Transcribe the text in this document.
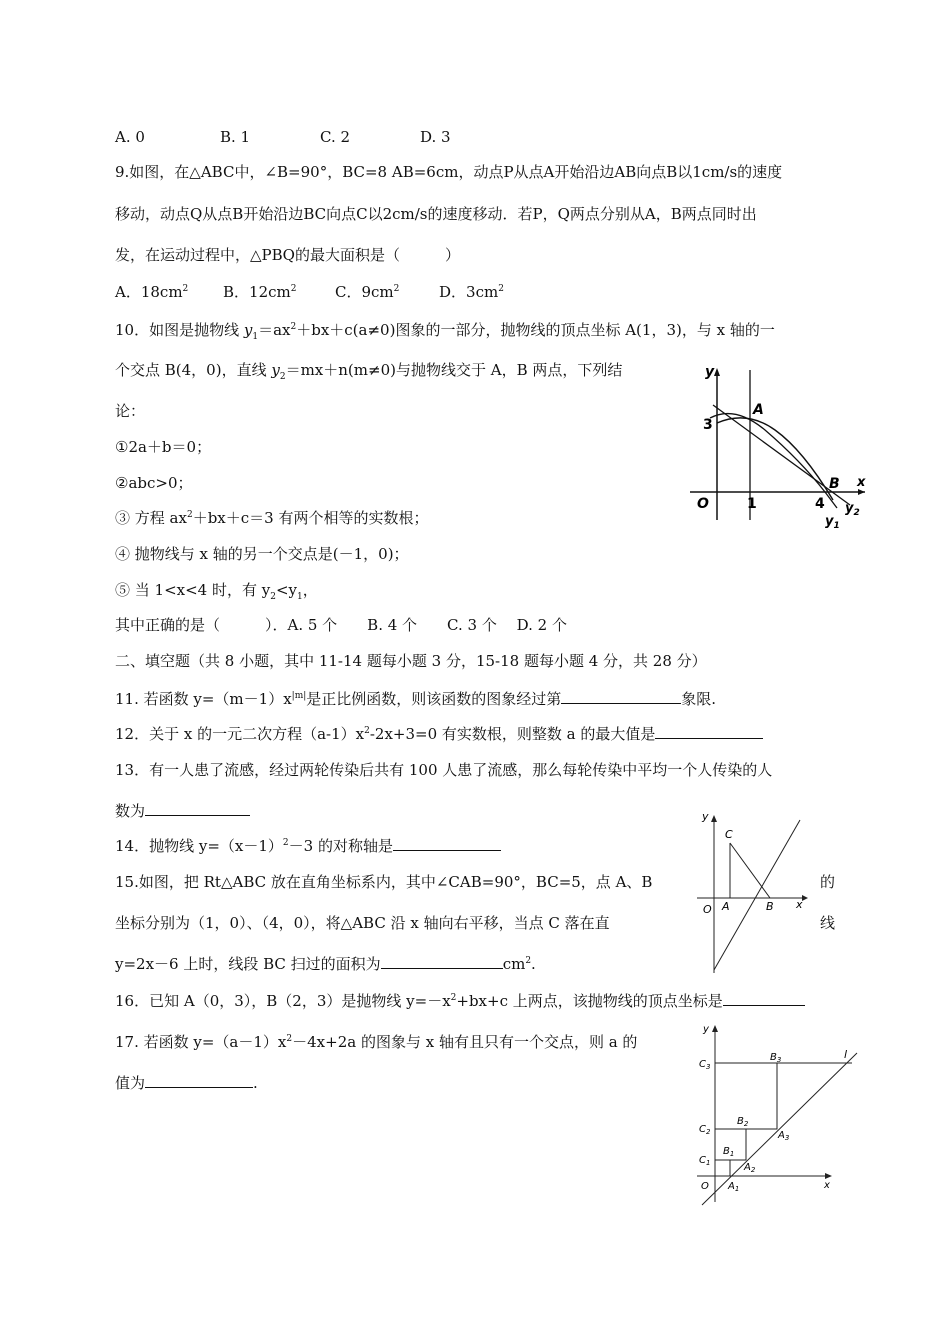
A. 0	B. 1	C. 2	D. 3
9.如图，在△ABC中，∠B=90°，BC=8 AB=6cm，动点P从点A开始沿边AB向点B以1cm/s的速度
移动，动点Q从点B开始沿边BC向点C以2cm/s的速度移动．若P，Q两点分别从A，B两点同时出
发，在运动过程中，△PBQ的最大面积是（　　　）
A．$18cm^2$ B．$12cm^2$	C．$9cm^2$	D．$3cm^2$
10．如图是抛物线 $y_1=ax^2+bx+c(a\ne 0)$图象的一部分，抛物线的顶点坐标 A(1，3)，与 x 轴的一
个交点 B(4，0)，直线 $y_2=mx+n(m\ne 0)$与抛物线交于 A，B 两点，下列结
论：
①2a＋b＝0；
②abc>0；
③ 方程 $ax^2+bx+c=3$ 有两个相等的实数根；
④ 抛物线与 x 轴的另一个交点是(－1，0)；
⑤ 当 1<x<4 时，有 $y_2<y_1$，
其中正确的是（　　　）．A. 5 个　　B. 4 个　　C. 3 个　 D. 2 个
y
x
O
3
A
1	4
B
$y_2$
$y_1$
二、填空题（共 8 小题，其中 11-14 题每小题 3 分，15-18 题每小题 4 分，共 28 分）
11. 若函数 $y=(m-1)x^{|m|}$是正比例函数，则该函数的图象经过第	象限.
12．关于 x 的一元二次方程$(a-1)x^2-2x+3=0$ 有实数根，则整数 a 的最大值是
13．有一人患了流感，经过两轮传染后共有 100 人患了流感，那么每轮传染中平均一个人传染的人
数为
14．抛物线 $y=(x-1)^2-3$ 的对称轴是
15.如图，把 Rt△ABC 放在直角坐标系内，其中∠CAB=90°，BC=5，点 A、B	的
坐标分别为（1，0）、（4，0），将△ABC 沿 x 轴向右平移，当点 C 落在直	线
y=2x－6 上时，线段 BC 扫过的面积为	$cm^2$.
y
C
O A	B x
16．已知 A（0，3），B（2，3）是抛物线 $y=-x^2+bx+c$ 上两点，该抛物线的顶点坐标是
17. 若函数 $y=(a-1)x^2-4x+2a$ 的图象与 x 轴有且只有一个交点，则 a 的
值为	.
y
l
$C_3$
$B_3$
$C_2$
$B_2$
$A_3$
$C_1$
$B_1$
$A_2$
O $A_1$	x
